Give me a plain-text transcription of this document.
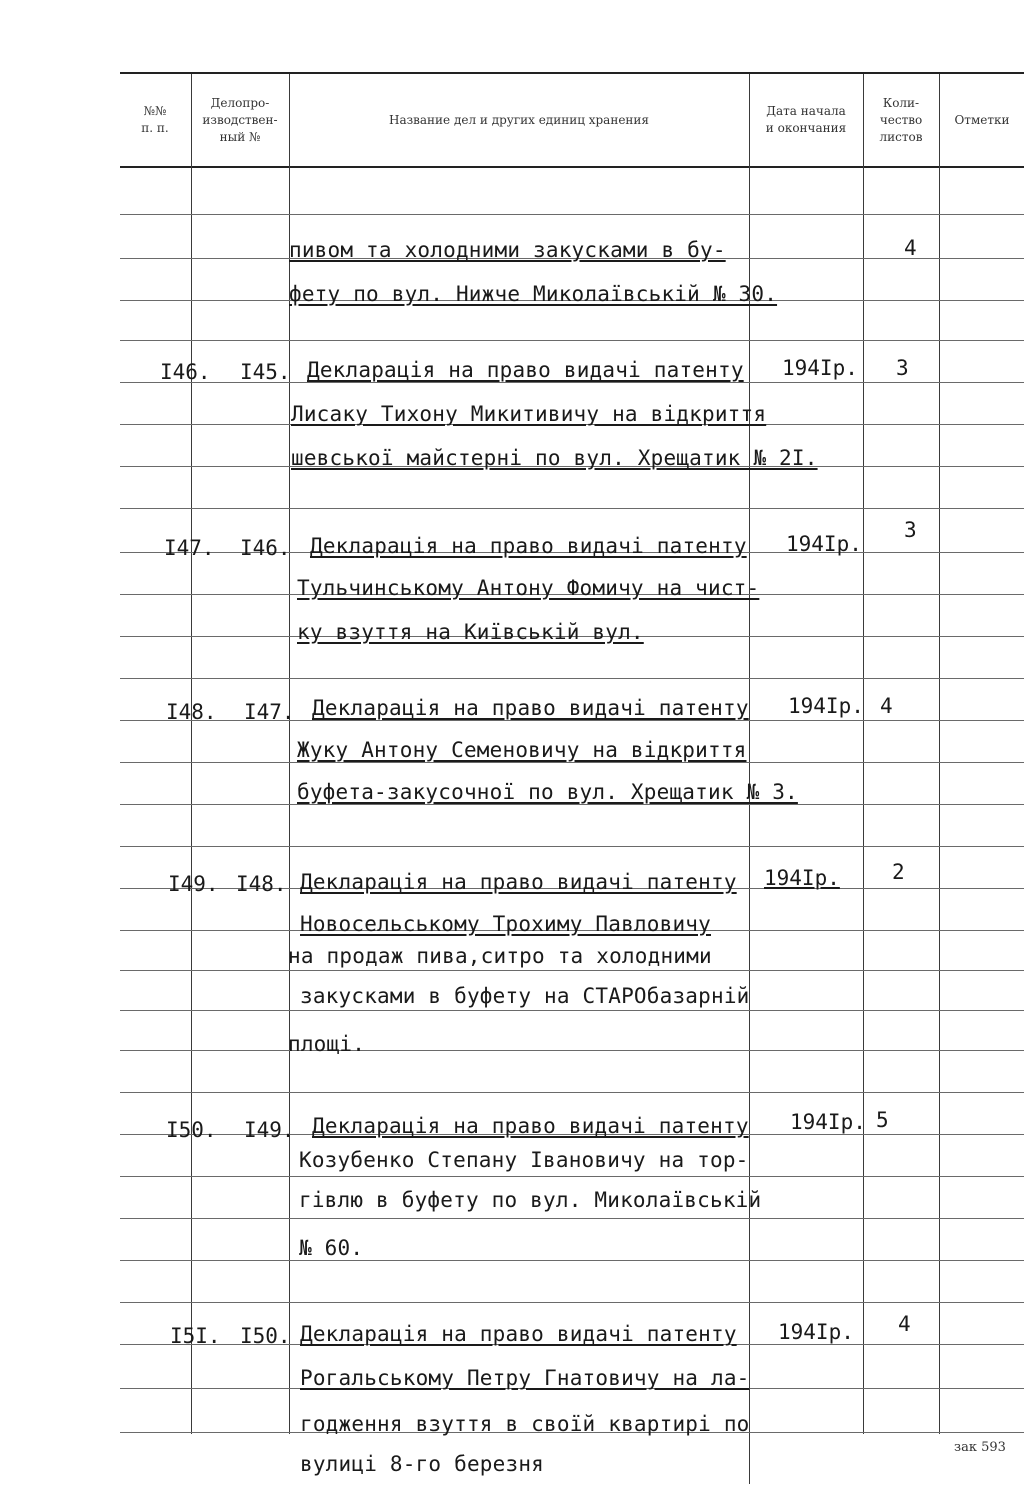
№№
п. п.
Делопро-
изводствен-
ный №
Название дел и других единиц хранения
Дата начала
и окончания
Коли-
чество
листов
Отметки
пивом та холодними закусками в бу-
фету по вул. Нижче Миколаївській № 30.
4
I46. I45. Декларація на право видачі патенту
Лисаку Тихону Микитивичу на відкриття
шевської майстерні по вул. Хрещатик № 2I.
194Iр. 3
I47. I46. Декларація на право видачі патенту
Тульчинському Антону Фомичу на чист-
ку взуття на Київській вул.
194Iр.
3
I48. I47. Декларація на право видачі патенту
Жуку Антону Семеновичу на відкриття
буфета-закусочної по вул. Хрещатик № 3.
194Iр. 4
I49. I48. Декларація на право видачі патенту
Новосельському Трохиму Павловичу
на продаж пива,ситро та холодними
закусками в буфету на СТАРОбазарній
площі.
194Iр. 2
I50. I49. Декларація на право видачі патенту
Козубенко Степану Івановичу на тор-
гівлю в буфету по вул. Миколаївській
№ 60.
194Iр. 5
I5I. I50. Декларація на право видачі патенту
Рогальському Петру Гнатовичу на ла-
годження взуття в своїй квартирі по
вулиці 8-го березня
194Iр. 4
зак 593
